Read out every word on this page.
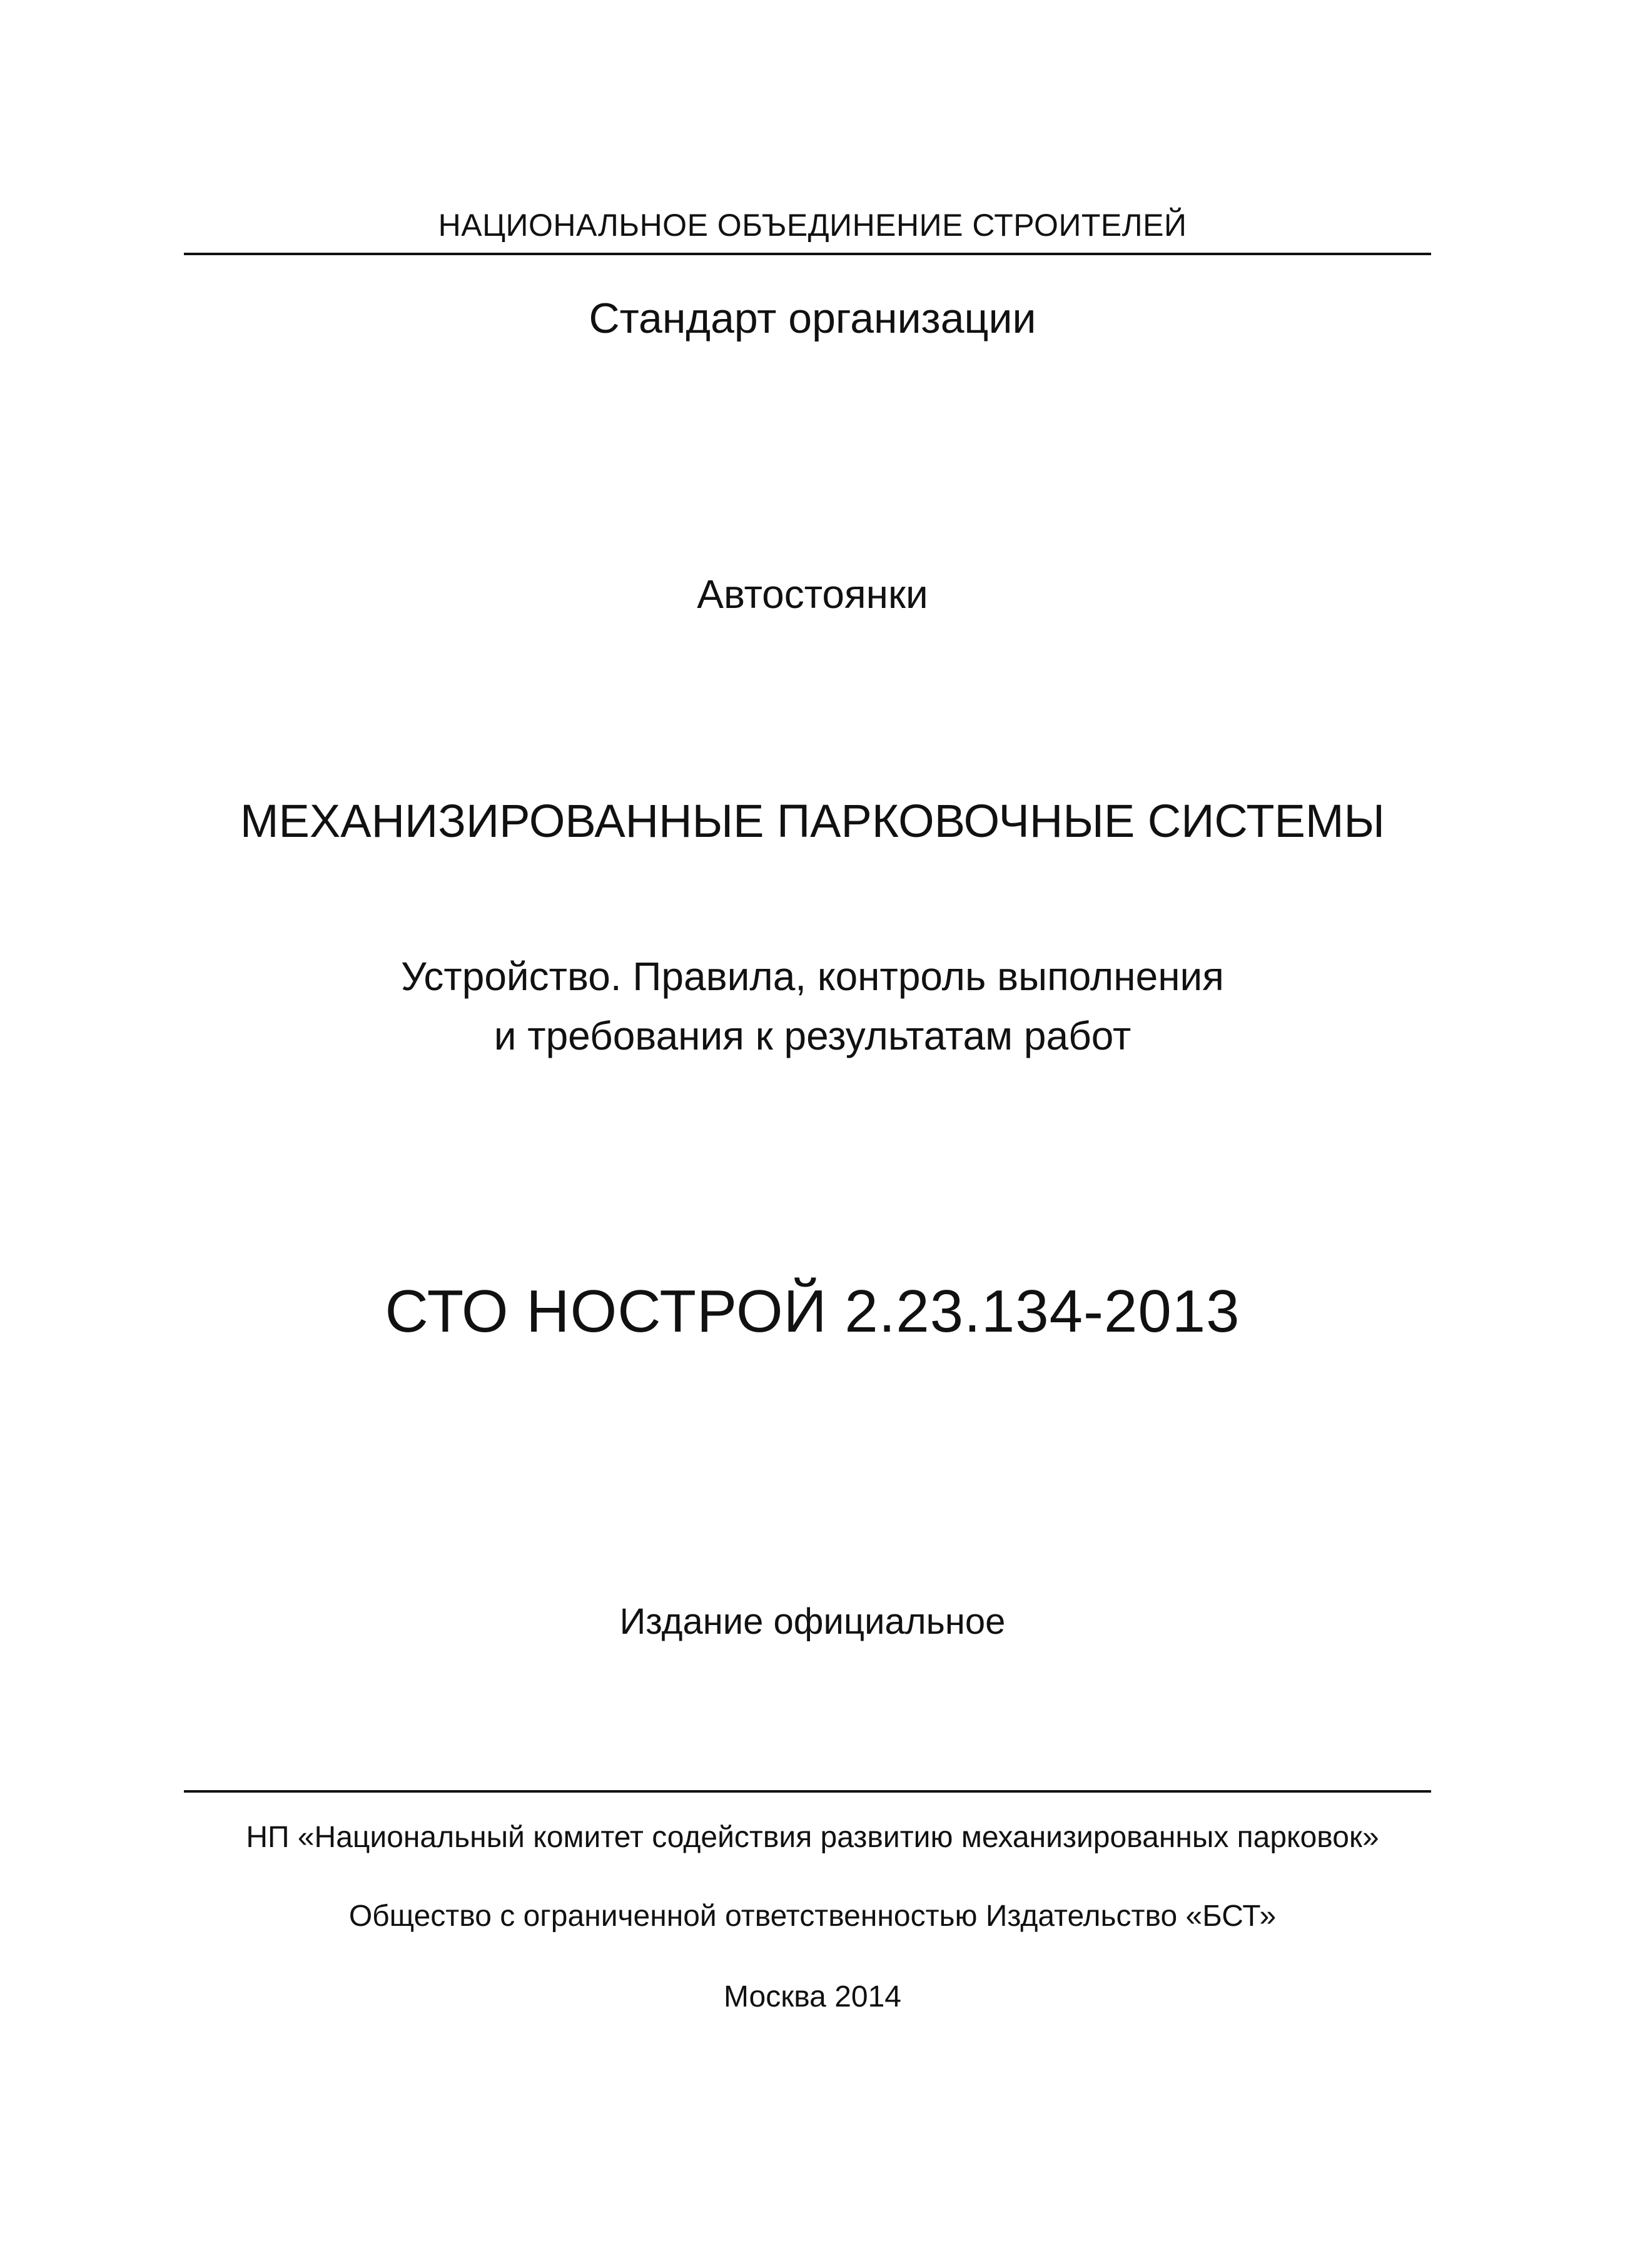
НАЦИОНАЛЬНОЕ ОБЪЕДИНЕНИЕ СТРОИТЕЛЕЙ
Стандарт организации
Автостоянки
МЕХАНИЗИРОВАННЫЕ ПАРКОВОЧНЫЕ СИСТЕМЫ
Устройство. Правила, контроль выполнения
и требования к результатам работ
СТО НОСТРОЙ 2.23.134-2013
Издание официальное
НП «Национальный комитет содействия развитию механизированных парковок»
Общество с ограниченной ответственностью Издательство «БСТ»
Москва 2014
